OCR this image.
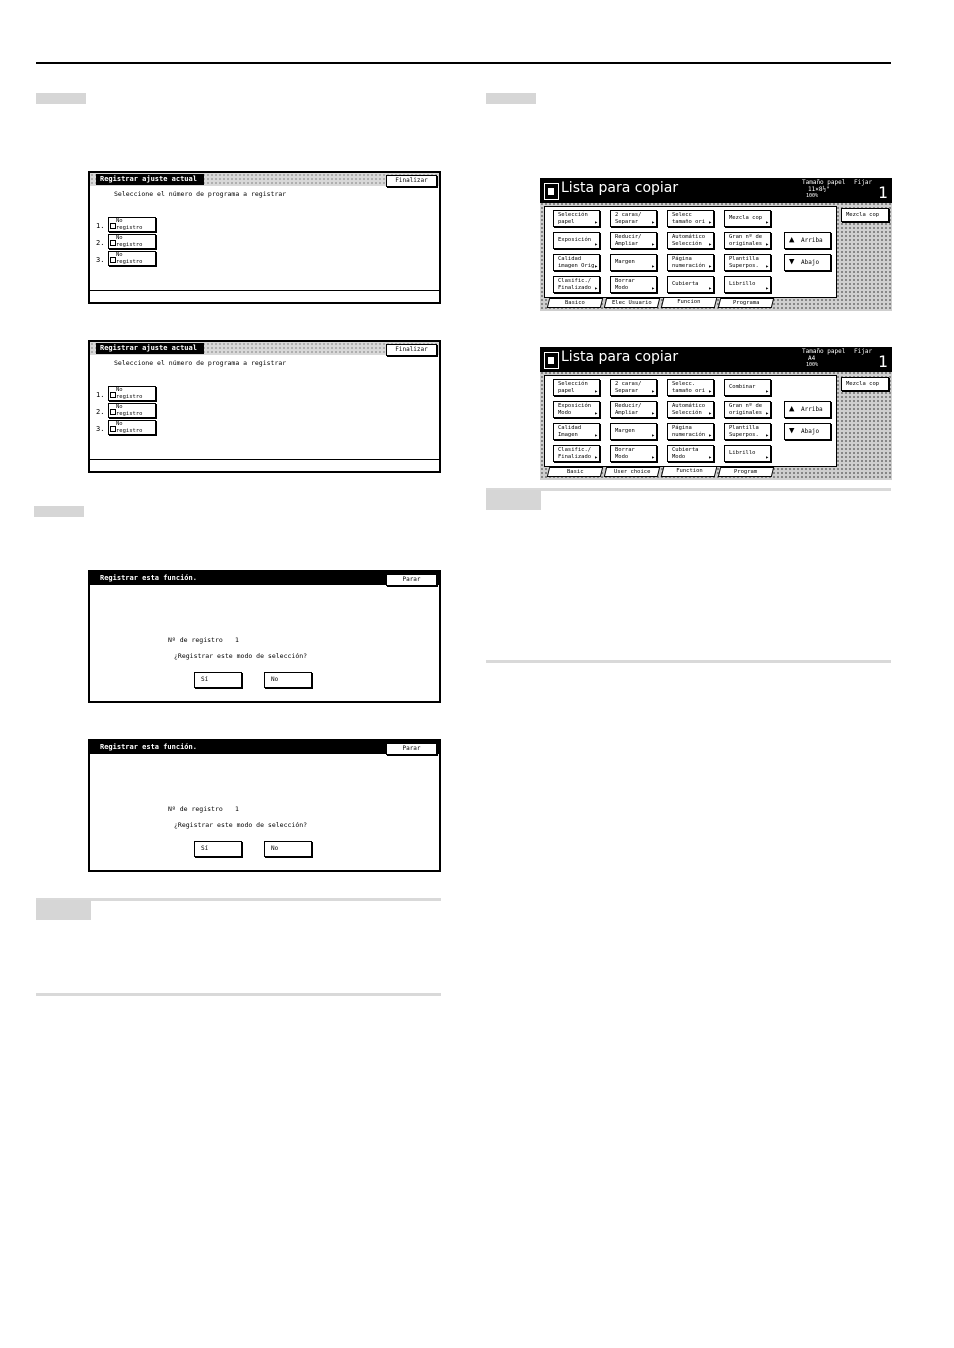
Registrar ajuste actual	Finalizar
Seleccione el número de programa a registrar
1.
No
registro
2.
No
registro
3.
No
registro
Registrar ajuste actual	Finalizar
Seleccione el número de programa a registrar
1.
No
registro
2.
No
registro
3.
No
registro
Registrar esta función.	Parar
Nº de registro 1
¿Registrar este modo de selección?
Sí	No
Registrar esta función.	Parar
Nº de registro 1
¿Registrar este modo de selección?
Sí	No
Lista para copiar	Tamaño papel
11×8½"
100%
Fijar
1
Selección
papel
▸
2 caras/
Separar
▸
Selecc
tamaño ori
▸
Mezcla cop
▸
Exposición
▸	Reducir/
Ampliar
▸
Automático
Selección
▸
Gran nº de
originales
▸
Calidad
imagen Orig
▸
Margen
▸	Página
numeración
▸
Plantilla
Superpos.
▸
Clasific./
Finalizado
▸
Borrar
Modo
▸
Cubierta
▸	Librillo
▸
▲ Arriba
▼ Abajo
Mezcla cop
Basico	Elec Usuario	Funcion	Programa
Lista para copiar	Tamaño papel
A4
100%
Fijar
1
Selección
papel
▸
2 caras/
Separar
▸
Selecc.
tamaño ori
▸
Combinar
▸
Exposición
Modo
▸
Reducir/
Ampliar
▸
Automático
Selección
▸
Gran nº de
originales
▸
Calidad
Imagen
▸
Margen
▸	Página
numeración
▸
Plantilla
Superpos.
▸
Clasific./
Finalizado
▸
Borrar
Modo
▸
Cubierta
Modo
▸
Librillo
▸
▲ Arriba
▼ Abajo
Mezcla cop
Basic	User choice	Function	Program
